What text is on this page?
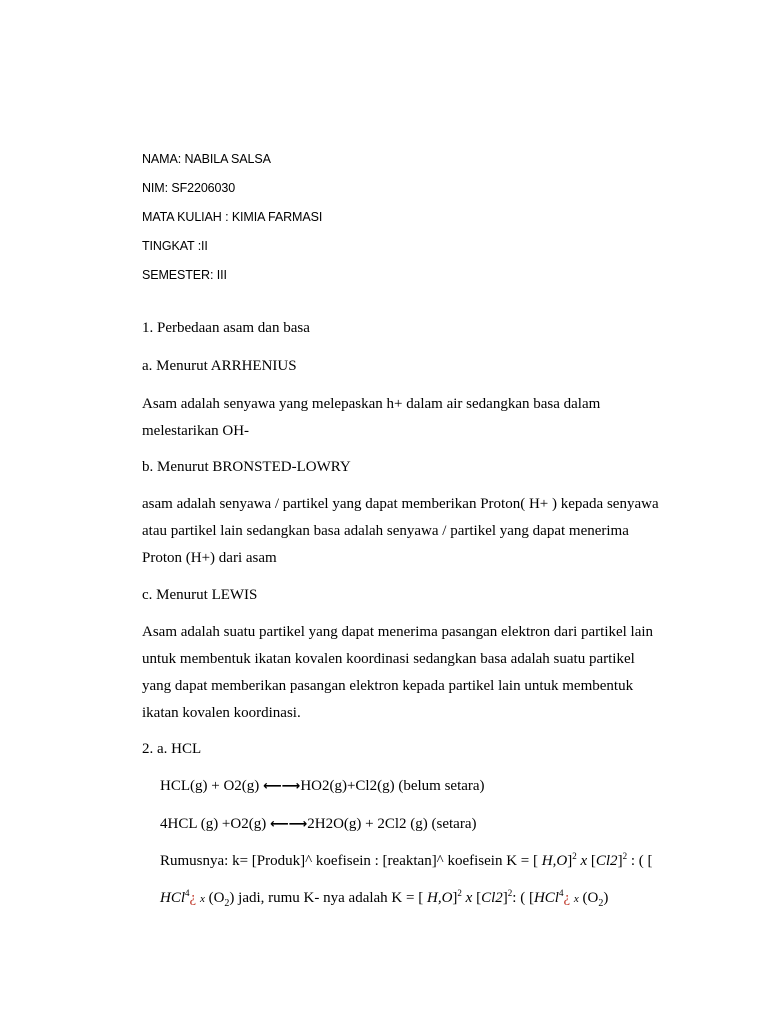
NAMA: NABILA SALSA
NIM: SF2206030
MATA KULIAH : KIMIA FARMASI
TINGKAT :II
SEMESTER: III
1. Perbedaan asam dan basa
a. Menurut ARRHENIUS
Asam adalah senyawa yang melepaskan h+ dalam air sedangkan basa dalam
melestarikan OH-
b. Menurut BRONSTED-LOWRY
asam adalah senyawa / partikel yang dapat memberikan Proton( H+ ) kepada senyawa
atau partikel lain sedangkan basa adalah senyawa / partikel yang dapat menerima
Proton (H+) dari asam
c. Menurut LEWIS
Asam adalah suatu partikel yang dapat menerima pasangan elektron dari partikel lain
untuk membentuk ikatan kovalen koordinasi sedangkan basa adalah suatu partikel
yang dapat memberikan pasangan elektron kepada partikel lain untuk membentuk
ikatan kovalen koordinasi.
2. a. HCL
HCL(g) + O2(g) ⟵⟶HO2(g)+Cl2(g) (belum setara)
4HCL (g) +O2(g) ⟵⟶2H2O(g) + 2Cl2 (g) (setara)
Rumusnya: k= [Produk]^ koefisein : [reaktan]^ koefisein K = [ H,O]$^2$ x $[Cl2]^2$ : ( [
HCl$^4$¿ x $(O_2)$ jadi, rumu K- nya adalah K = [ H,O]$^2$ x $[Cl2]^2$: ( [HCl$^4$¿ x $(O_2)$
